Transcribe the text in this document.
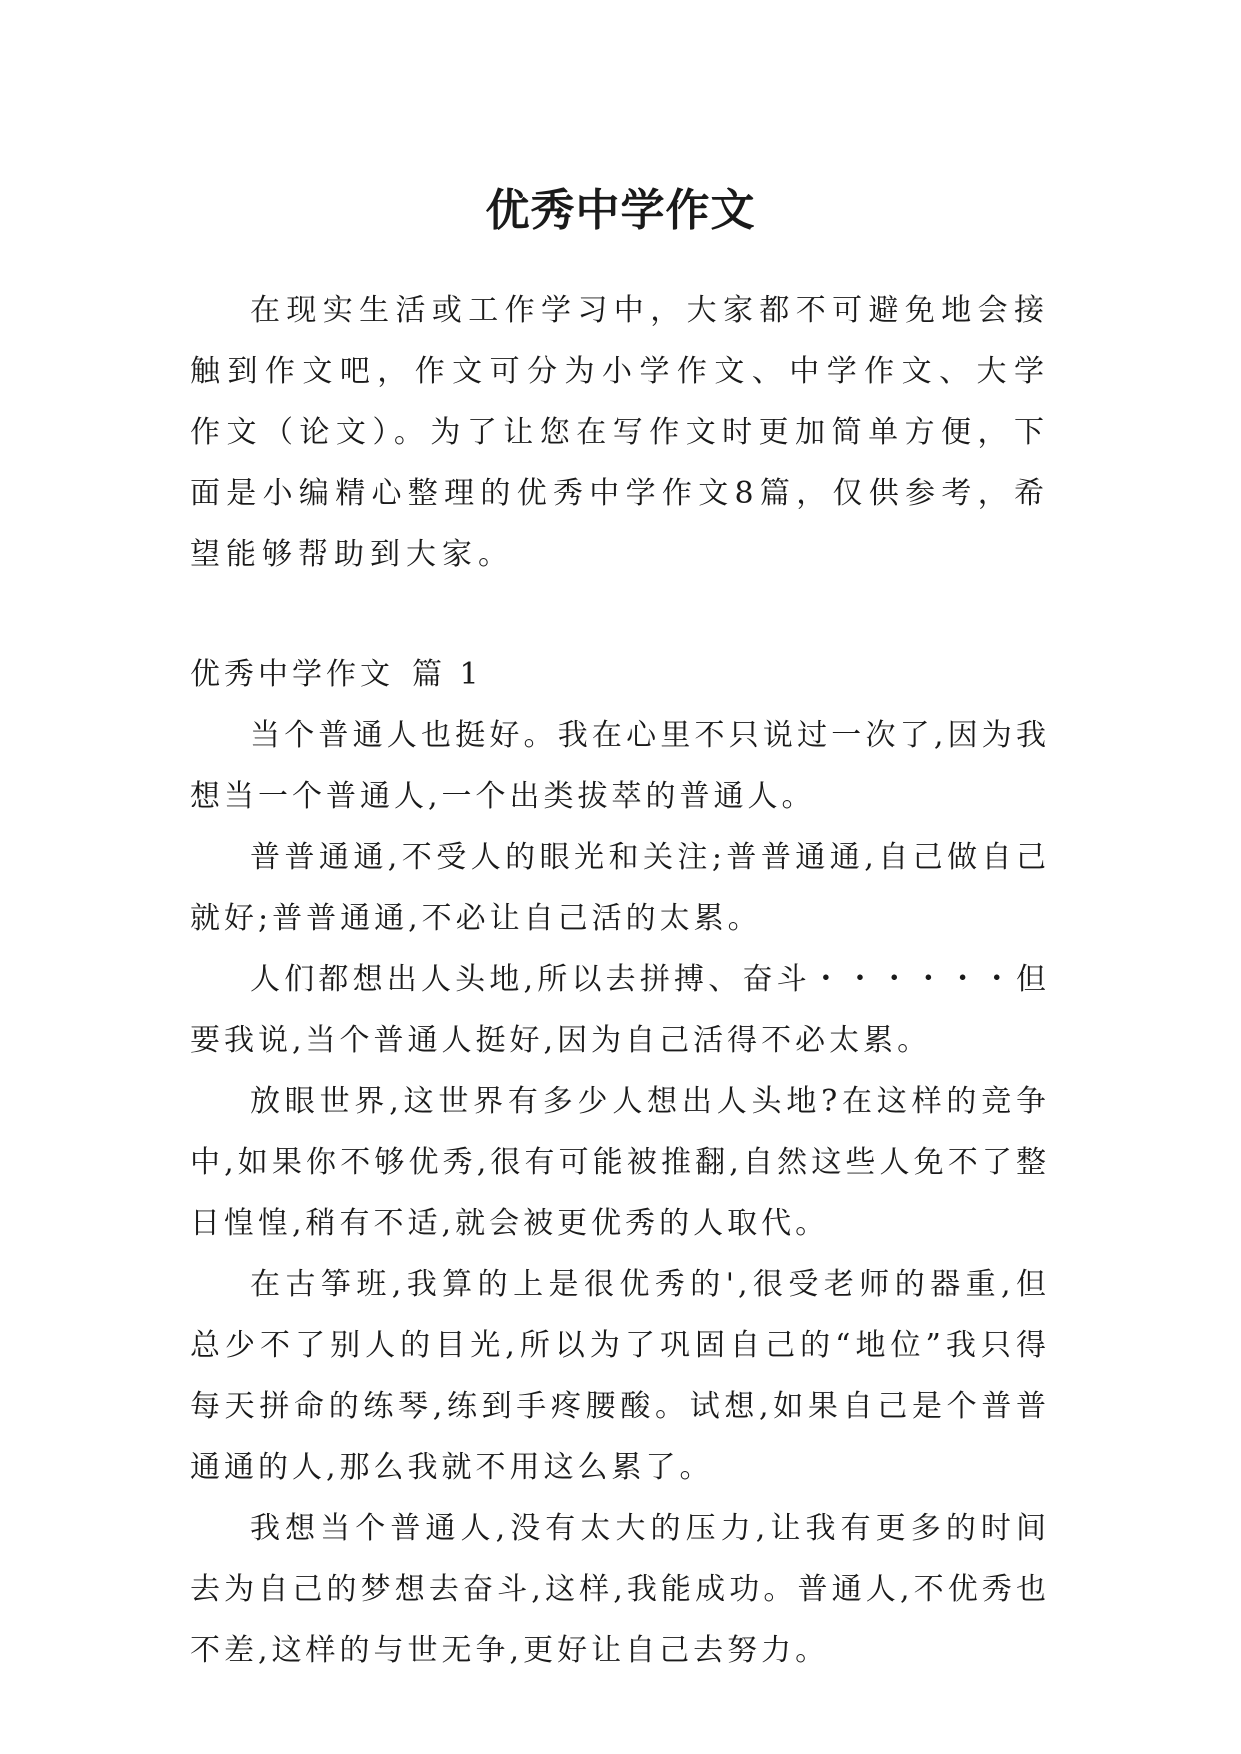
优秀中学作文

在现实生活或工作学习中，大家都不可避免地会接触到作文吧，作文可分为小学作文、中学作文、大学作文（论文）。为了让您在写作文时更加简单方便，下面是小编精心整理的优秀中学作文8篇，仅供参考，希望能够帮助到大家。

优秀中学作文 篇 1

当个普通人也挺好。我在心里不只说过一次了,因为我想当一个普通人,一个出类拔萃的普通人。

普普通通,不受人的眼光和关注;普普通通,自己做自己就好;普普通通,不必让自己活的太累。

人们都想出人头地,所以去拼搏、奋斗・・・・・・但要我说,当个普通人挺好,因为自己活得不必太累。

放眼世界,这世界有多少人想出人头地?在这样的竞争中,如果你不够优秀,很有可能被推翻,自然这些人免不了整日惶惶,稍有不适,就会被更优秀的人取代。

在古筝班,我算的上是很优秀的',很受老师的器重,但总少不了别人的目光,所以为了巩固自己的“地位”我只得每天拼命的练琴,练到手疼腰酸。试想,如果自己是个普普通通的人,那么我就不用这么累了。

我想当个普通人,没有太大的压力,让我有更多的时间去为自己的梦想去奋斗,这样,我能成功。普通人,不优秀也不差,这样的与世无争,更好让自己去努力。
